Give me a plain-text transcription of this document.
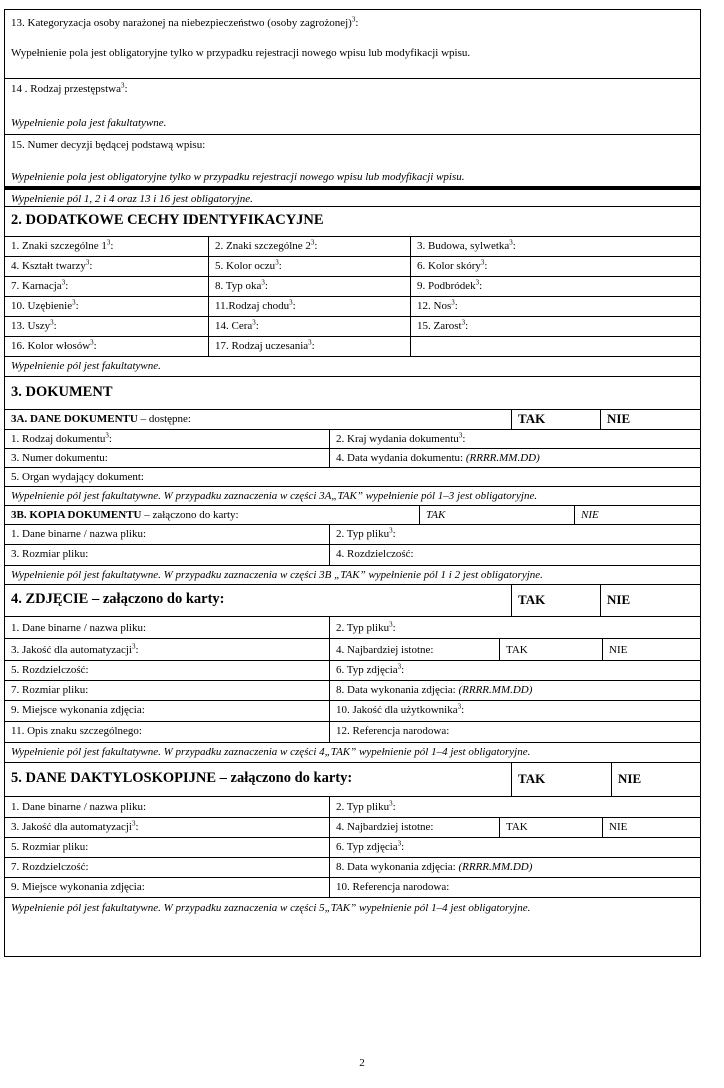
13. Kategoryzacja osoby narażonej na niebezpieczeństwo (osoby zagrożonej)$^3$:
Wypełnienie pola jest obligatoryjne tylko w przypadku rejestracji nowego wpisu lub modyfikacji wpisu.
14 . Rodzaj przestępstwa$^3$:
Wypełnienie pola jest fakultatywne.
15. Numer decyzji będącej podstawą wpisu:
Wypełnienie pola jest obligatoryjne tylko w przypadku rejestracji nowego wpisu lub modyfikacji wpisu.
Wypełnienie pól 1, 2 i 4 oraz 13 i 16 jest obligatoryjne.
2. DODATKOWE CECHY IDENTYFIKACYJNE
1. Znaki szczególne $1^3$:	2. Znaki szczególne $2^3$:	3. Budowa, sylwetka$^3$:
4. Kształt twarzy$^3$:	5. Kolor oczu$^3$:	6. Kolor skóry$^3$:
7. Karnacja$^3$:	8. Typ oka$^3$:	9. Podbródek$^3$:
10. Uzębienie$^3$:	11.Rodzaj chodu$^3$:	12. Nos$^3$:
13. Uszy$^3$:	14. Cera$^3$:	15. Zarost$^3$:
16. Kolor włosów$^3$:	17. Rodzaj uczesania$^3$:
Wypełnienie pól jest fakultatywne.
3. DOKUMENT
3A. DANE DOKUMENTU – dostępne:	TAK	NIE
1. Rodzaj dokumentu$^3$:	2. Kraj wydania dokumentu$^3$:
3. Numer dokumentu:	4. Data wydania dokumentu: (RRRR.MM.DD)
5. Organ wydający dokument:
Wypełnienie pól jest fakultatywne. W przypadku zaznaczenia w części 3A„TAK” wypełnienie pól 1–3 jest obligatoryjne.
3B. KOPIA DOKUMENTU – załączono do karty:	TAK	NIE
1. Dane binarne / nazwa pliku:	2. Typ pliku$^3$:
3. Rozmiar pliku:	4. Rozdzielczość:
Wypełnienie pól jest fakultatywne. W przypadku zaznaczenia w części 3B „TAK” wypełnienie pól 1 i 2 jest obligatoryjne.
4. ZDJĘCIE – załączono do karty:	TAK	NIE
1. Dane binarne / nazwa pliku:	2. Typ pliku$^3$:
3. Jakość dla automatyzacji$^3$:	4. Najbardziej istotne:	TAK	NIE
5. Rozdzielczość:	6. Typ zdjęcia$^3$:
7. Rozmiar pliku:	8. Data wykonania zdjęcia: (RRRR.MM.DD)
9. Miejsce wykonania zdjęcia:	10. Jakość dla użytkownika$^3$:
11. Opis znaku szczególnego:	12. Referencja narodowa:
Wypełnienie pól jest fakultatywne. W przypadku zaznaczenia w części 4„TAK” wypełnienie pól 1–4 jest obligatoryjne.
5. DANE DAKTYLOSKOPIJNE – załączono do karty:	TAK	NIE
1. Dane binarne / nazwa pliku:	2. Typ pliku$^3$:
3. Jakość dla automatyzacji$^3$:	4. Najbardziej istotne:	TAK	NIE
5. Rozmiar pliku:	6. Typ zdjęcia$^3$:
7. Rozdzielczość:	8. Data wykonania zdjęcia: (RRRR.MM.DD)
9. Miejsce wykonania zdjęcia:	10. Referencja narodowa:
Wypełnienie pól jest fakultatywne. W przypadku zaznaczenia w części 5„TAK” wypełnienie pól 1–4 jest obligatoryjne.
2
